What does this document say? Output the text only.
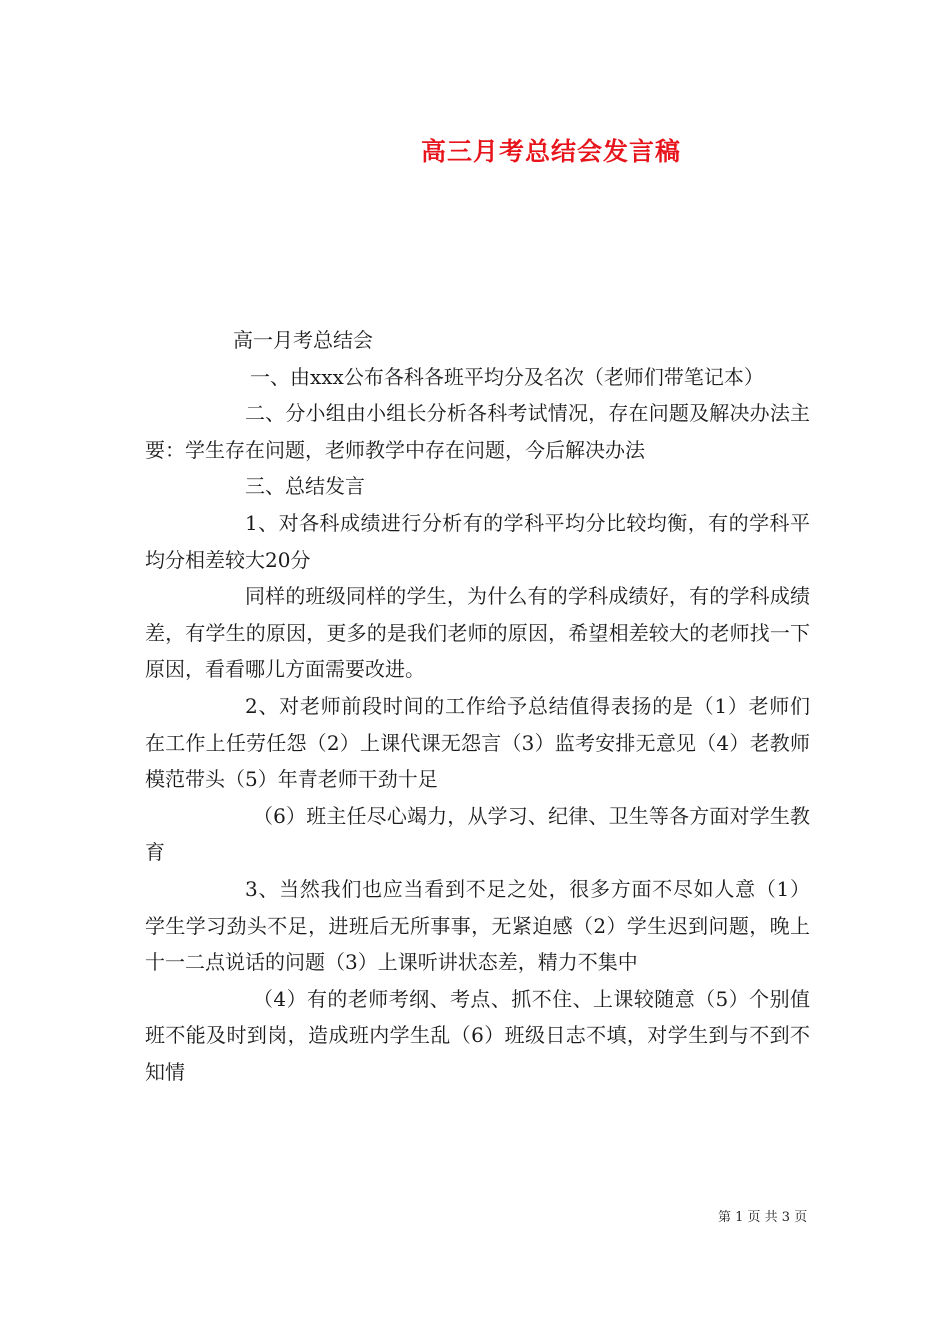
高三月考总结会发言稿

高一月考总结会

一、由xxx公布各科各班平均分及名次（老师们带笔记本）

二、分小组由小组长分析各科考试情况，存在问题及解决办法主要：学生存在问题，老师教学中存在问题，今后解决办法

三、总结发言

1、对各科成绩进行分析有的学科平均分比较均衡，有的学科平均分相差较大20分

同样的班级同样的学生，为什么有的学科成绩好，有的学科成绩差，有学生的原因，更多的是我们老师的原因，希望相差较大的老师找一下原因，看看哪儿方面需要改进。

2、对老师前段时间的工作给予总结值得表扬的是（1）老师们在工作上任劳任怨（2）上课代课无怨言（3）监考安排无意见（4）老教师模范带头（5）年青老师干劲十足

（6）班主任尽心竭力，从学习、纪律、卫生等各方面对学生教育

3、当然我们也应当看到不足之处，很多方面不尽如人意（1）学生学习劲头不足，进班后无所事事，无紧迫感（2）学生迟到问题，晚上十一二点说话的问题（3）上课听讲状态差，精力不集中

（4）有的老师考纲、考点、抓不住、上课较随意（5）个别值班不能及时到岗，造成班内学生乱（6）班级日志不填，对学生到与不到不知情

第 1 页 共 3 页
